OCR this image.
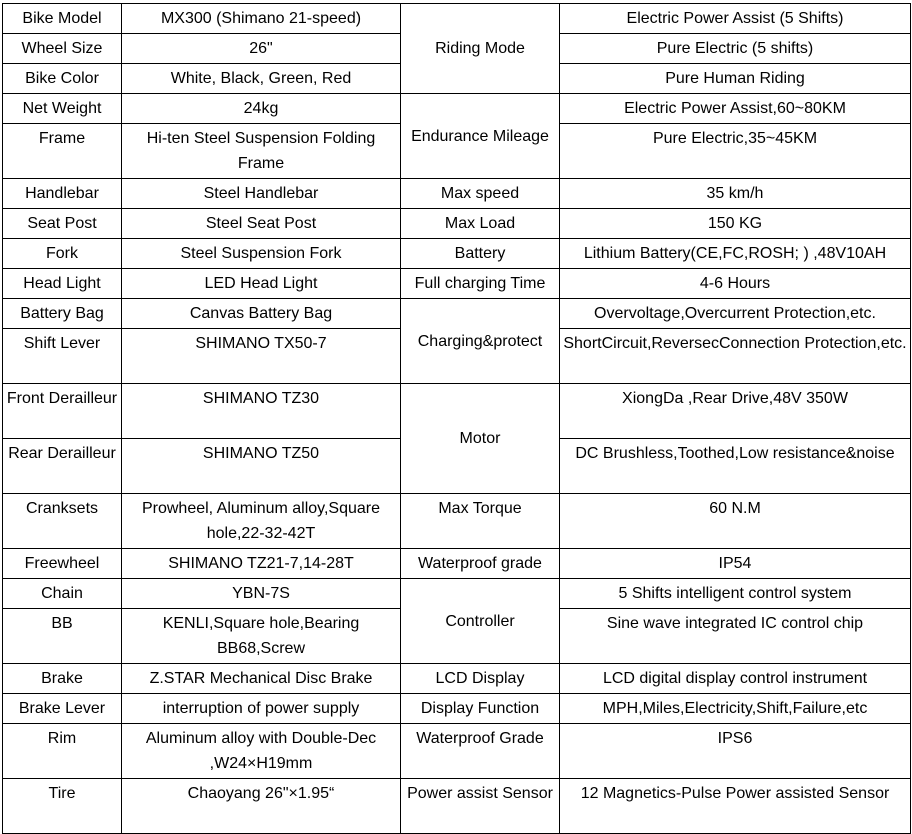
Bike Model	MX300 (Shimano 21-speed)	Riding Mode	Electric Power Assist (5 Shifts)
Wheel Size	26"		Pure Electric (5 shifts)
Bike Color	White, Black, Green, Red		Pure Human Riding
Net Weight	24kg	Endurance Mileage	Electric Power Assist,60~80KM
Frame	Hi-ten Steel Suspension Folding Frame		Pure Electric,35~45KM
Handlebar	Steel Handlebar	Max speed	35 km/h
Seat Post	Steel Seat Post	Max Load	150 KG
Fork	Steel Suspension Fork	Battery	Lithium Battery(CE,FC,ROSH; ) ,48V10AH
Head Light	LED Head Light	Full charging Time	4-6 Hours
Battery Bag	Canvas Battery Bag	Charging&protect	Overvoltage,Overcurrent Protection,etc.
Shift Lever	SHIMANO TX50-7		ShortCircuit,ReversecConnection Protection,etc.
Front Derailleur	SHIMANO TZ30	Motor	XiongDa ,Rear Drive,48V 350W
Rear Derailleur	SHIMANO TZ50		DC Brushless,Toothed,Low resistance&noise
Cranksets	Prowheel, Aluminum alloy,Square hole,22-32-42T	Max Torque	60 N.M
Freewheel	SHIMANO TZ21-7,14-28T	Waterproof grade	IP54
Chain	YBN-7S	Controller	5 Shifts intelligent control system
BB	KENLI,Square hole,Bearing BB68,Screw		Sine wave integrated IC control chip
Brake	Z.STAR Mechanical Disc Brake	LCD Display	LCD digital display control instrument
Brake Lever	interruption of power supply	Display Function	MPH,Miles,Electricity,Shift,Failure,etc
Rim	Aluminum alloy with Double-Dec ,W24×H19mm	Waterproof Grade	IPS6
Tire	Chaoyang 26"×1.95“	Power assist Sensor	12 Magnetics-Pulse Power assisted Sensor
